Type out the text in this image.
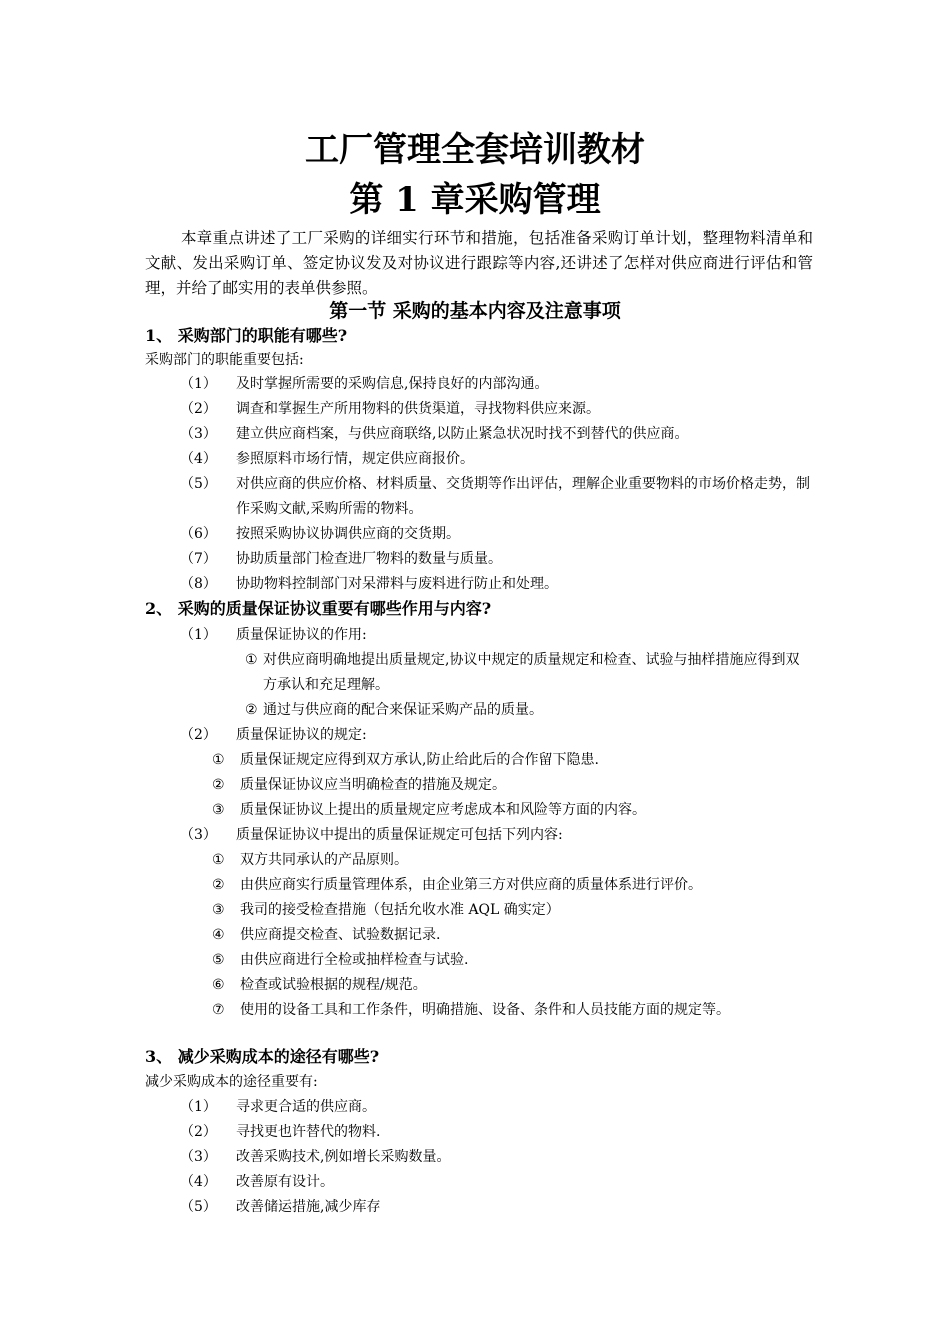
工厂管理全套培训教材
第 1 章采购管理

本章重点讲述了工厂采购的详细实行环节和措施，包括准备采购订单计划，整理物料清单和文献、发出采购订单、签定协议发及对协议进行跟踪等内容,还讲述了怎样对供应商进行评估和管理，并给了邮实用的表单供参照。

第一节 采购的基本内容及注意事项
1、 采购部门的职能有哪些?
采购部门的职能重要包括:
（1） 及时掌握所需要的采购信息,保持良好的内部沟通。
（2） 调查和掌握生产所用物料的供货渠道，寻找物料供应来源。
（3） 建立供应商档案，与供应商联络,以防止紧急状况时找不到替代的供应商。
（4） 参照原料市场行情，规定供应商报价。
（5） 对供应商的供应价格、材料质量、交货期等作出评估，理解企业重要物料的市场价格走势，制作采购文献,采购所需的物料。
（6） 按照采购协议协调供应商的交货期。
（7） 协助质量部门检查进厂物料的数量与质量。
（8） 协助物料控制部门对呆滞料与废料进行防止和处理。
2、 采购的质量保证协议重要有哪些作用与内容?
（1） 质量保证协议的作用:
① 对供应商明确地提出质量规定,协议中规定的质量规定和检查、试验与抽样措施应得到双方承认和充足理解。
② 通过与供应商的配合来保证采购产品的质量。
（2） 质量保证协议的规定:
① 质量保证规定应得到双方承认,防止给此后的合作留下隐患.
② 质量保证协议应当明确检查的措施及规定。
③ 质量保证协议上提出的质量规定应考虑成本和风险等方面的内容。
（3） 质量保证协议中提出的质量保证规定可包括下列内容:
① 双方共同承认的产品原则。
② 由供应商实行质量管理体系，由企业第三方对供应商的质量体系进行评价。
③ 我司的接受检查措施（包括允收水准 AQL 确实定）
④ 供应商提交检查、试验数据记录.
⑤ 由供应商进行全检或抽样检查与试验.
⑥ 检查或试验根据的规程/规范。
⑦ 使用的设备工具和工作条件，明确措施、设备、条件和人员技能方面的规定等。
3、 减少采购成本的途径有哪些?
减少采购成本的途径重要有:
（1） 寻求更合适的供应商。
（2） 寻找更也许替代的物料.
（3） 改善采购技术,例如增长采购数量。
（4） 改善原有设计。
（5） 改善储运措施,减少库存
